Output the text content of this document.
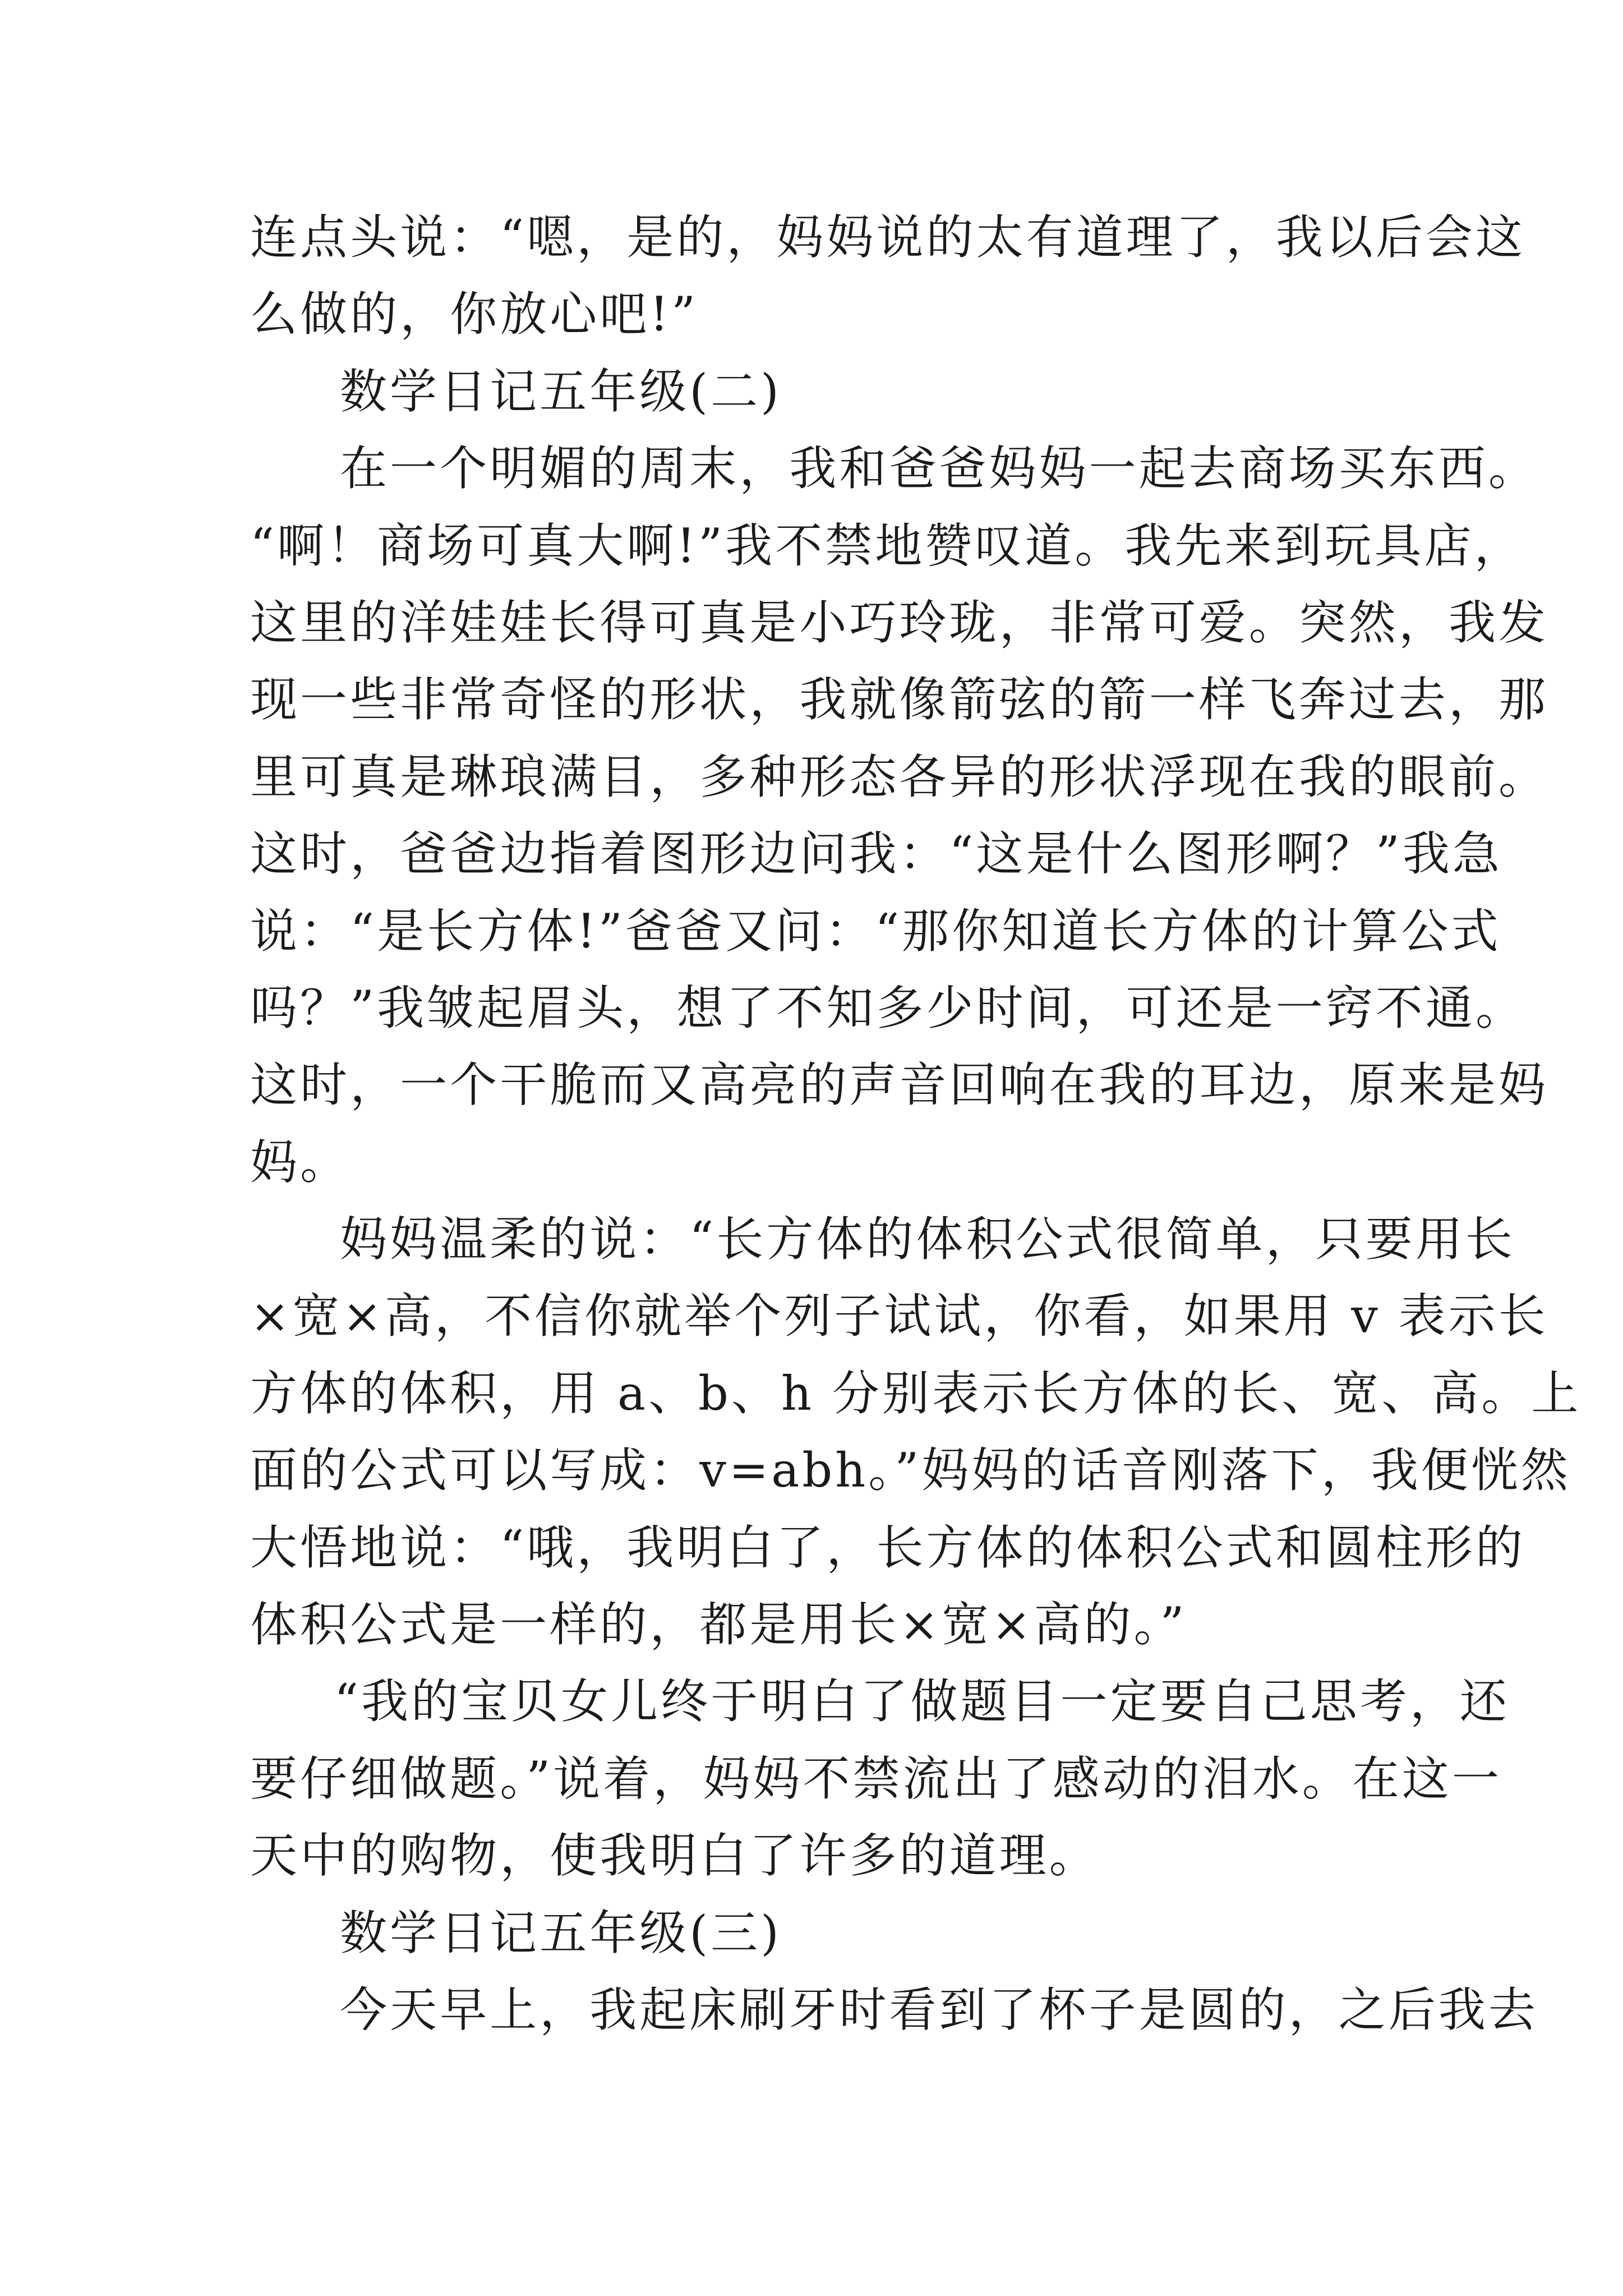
连点头说：“嗯，是的，妈妈说的太有道理了，我以后会这
么做的，你放心吧!”
数学日记五年级(二)
在一个明媚的周末，我和爸爸妈妈一起去商场买东西。
“啊！商场可真大啊!”我不禁地赞叹道。我先来到玩具店，
这里的洋娃娃长得可真是小巧玲珑，非常可爱。突然，我发
现一些非常奇怪的形状，我就像箭弦的箭一样飞奔过去，那
里可真是琳琅满目，多种形态各异的形状浮现在我的眼前。
这时，爸爸边指着图形边问我：“这是什么图形啊？”我急
说：“是长方体!”爸爸又问：“那你知道长方体的计算公式
吗？”我皱起眉头，想了不知多少时间，可还是一窍不通。
这时，一个干脆而又高亮的声音回响在我的耳边，原来是妈
妈。
妈妈温柔的说：“长方体的体积公式很简单，只要用长
×宽×高，不信你就举个列子试试，你看，如果用 v 表示长
方体的体积，用 a、b、h 分别表示长方体的长、宽、高。上
面的公式可以写成：v=abh。”妈妈的话音刚落下，我便恍然
大悟地说：“哦，我明白了，长方体的体积公式和圆柱形的
体积公式是一样的，都是用长×宽×高的。”
“我的宝贝女儿终于明白了做题目一定要自己思考，还
要仔细做题。”说着，妈妈不禁流出了感动的泪水。在这一
天中的购物，使我明白了许多的道理。
数学日记五年级(三)
今天早上，我起床刷牙时看到了杯子是圆的，之后我去
